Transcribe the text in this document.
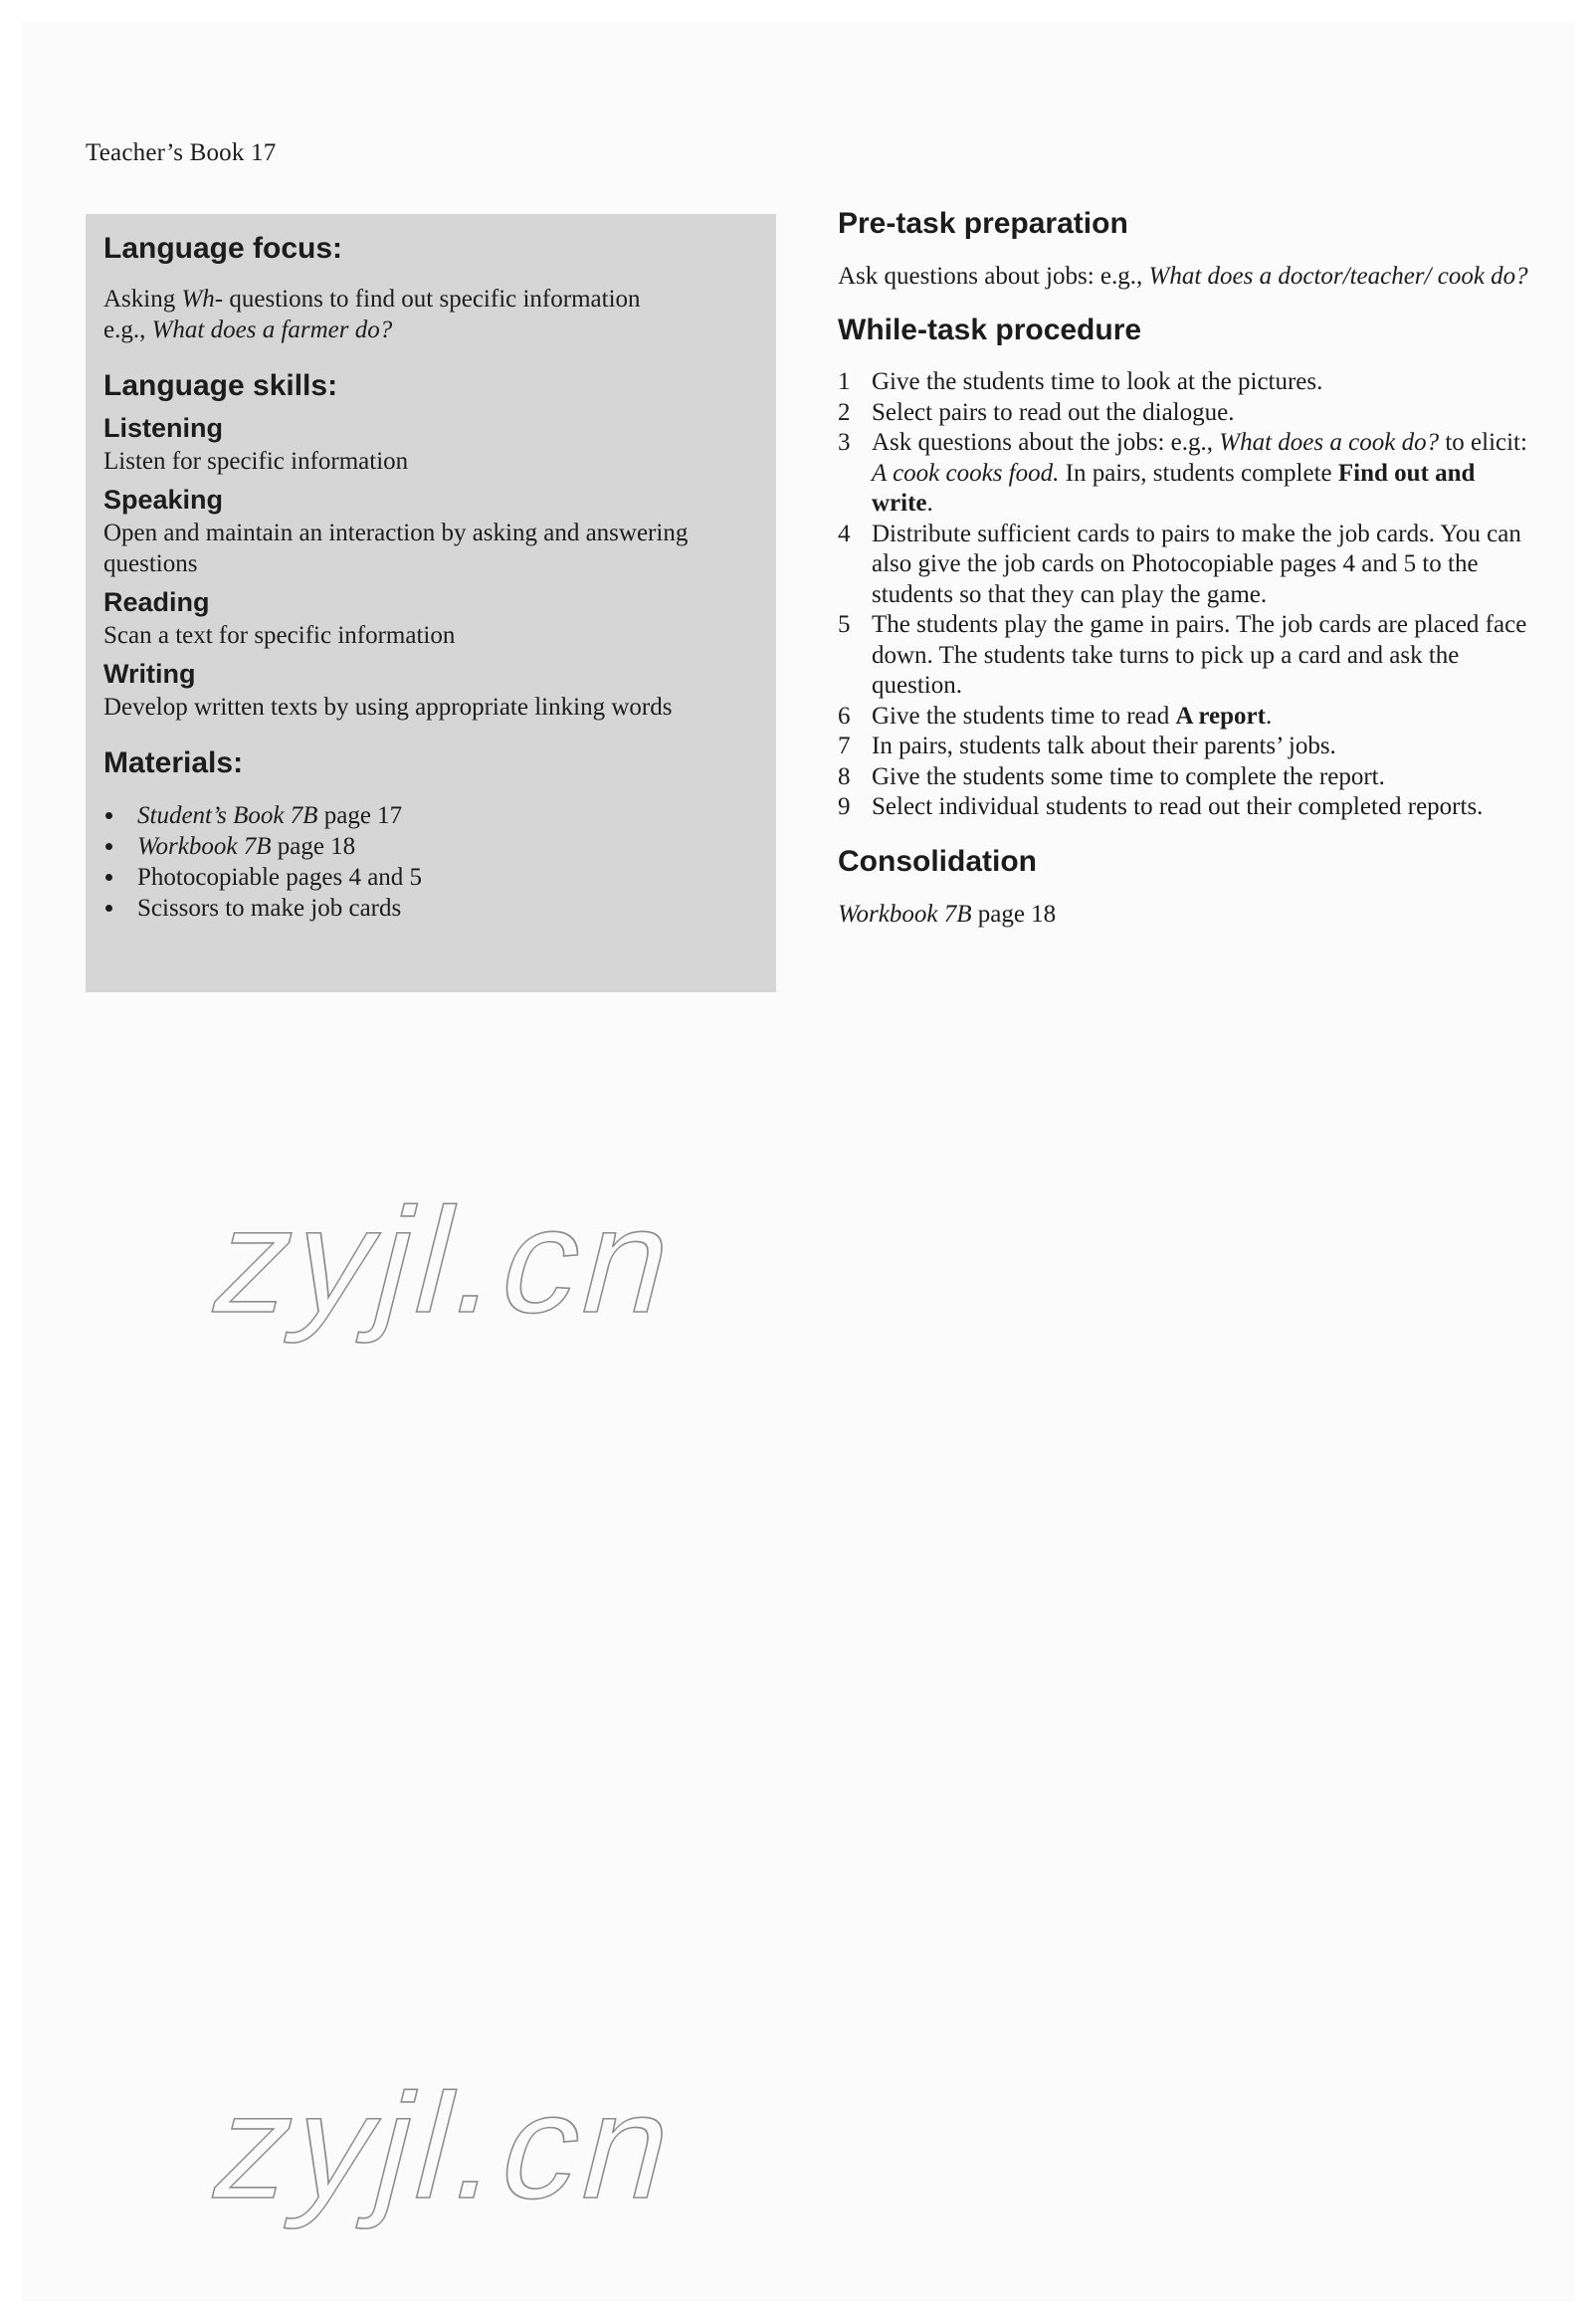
Teacher’s Book 17
Language focus:

Asking Wh- questions to find out specific information
e.g., What does a farmer do?

Language skills:
Listening

Listen for specific information

Speaking

Open and maintain an interaction by asking and answering questions

Reading

Scan a text for specific information

Writing

Develop written texts by using appropriate linking words

Materials:
Student’s Book 7B page 17
Workbook 7B page 18
Photocopiable pages 4 and 5
Scissors to make job cards
Pre-task preparation

Ask questions about jobs: e.g., What does a doctor/teacher/ cook do?

While-task procedure
1 Give the students time to look at the pictures.
2 Select pairs to read out the dialogue.
3 Ask questions about the jobs: e.g., What does a cook do? to elicit: A cook cooks food. In pairs, students complete Find out and write.
4 Distribute sufficient cards to pairs to make the job cards. You can also give the job cards on Photocopiable pages 4 and 5 to the students so that they can play the game.
5 The students play the game in pairs. The job cards are placed face down. The students take turns to pick up a card and ask the question.
6 Give the students time to read A report.
7 In pairs, students talk about their parents’ jobs.
8 Give the students some time to complete the report.
9 Select individual students to read out their completed reports.
Consolidation

Workbook 7B page 18

zyjl.cn
zyjl.cn
